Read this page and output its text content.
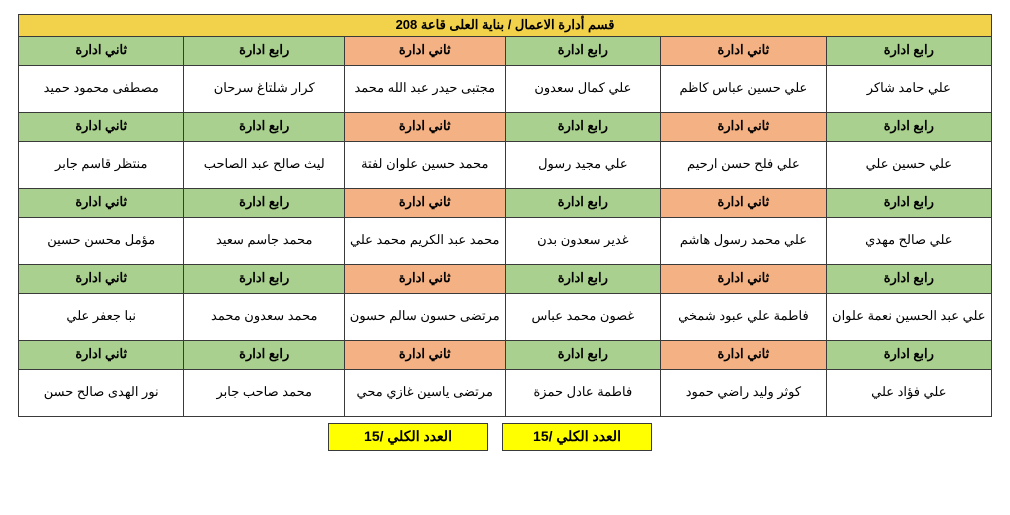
قسم أدارة الاعمال / بناية العلى قاعة 208					
رابع ادارة	ثاني ادارة	رابع ادارة	ثاني ادارة	رابع ادارة	ثاني ادارة
علي حامد شاكر	علي حسين عباس كاظم	علي كمال سعدون	مجتبى حيدر عبد الله محمد	كرار شلتاغ سرحان	مصطفى محمود حميد
رابع ادارة	ثاني ادارة	رابع ادارة	ثاني ادارة	رابع ادارة	ثاني ادارة
علي حسين علي	علي فلح حسن ارحيم	علي مجيد رسول	محمد حسين علوان لفتة	ليث صالح عبد الصاحب	منتظر قاسم جابر
رابع ادارة	ثاني ادارة	رابع ادارة	ثاني ادارة	رابع ادارة	ثاني ادارة
علي صالح مهدي	علي محمد رسول هاشم	غدير سعدون بدن	محمد عبد الكريم محمد علي	محمد جاسم سعيد	مؤمل محسن حسين
رابع ادارة	ثاني ادارة	رابع ادارة	ثاني ادارة	رابع ادارة	ثاني ادارة
علي عبد الحسين نعمة علوان	فاطمة علي عبود شمخي	غصون محمد عباس	مرتضى حسون سالم حسون	محمد سعدون محمد	نبا جعفر علي
رابع ادارة	ثاني ادارة	رابع ادارة	ثاني ادارة	رابع ادارة	ثاني ادارة
علي فؤاد علي	كوثر وليد راضي حمود	فاطمة عادل حمزة	مرتضى ياسين غازي محي	محمد صاحب جابر	نور الهدى صالح حسن
العدد الكلي /15	العدد الكلي /15
